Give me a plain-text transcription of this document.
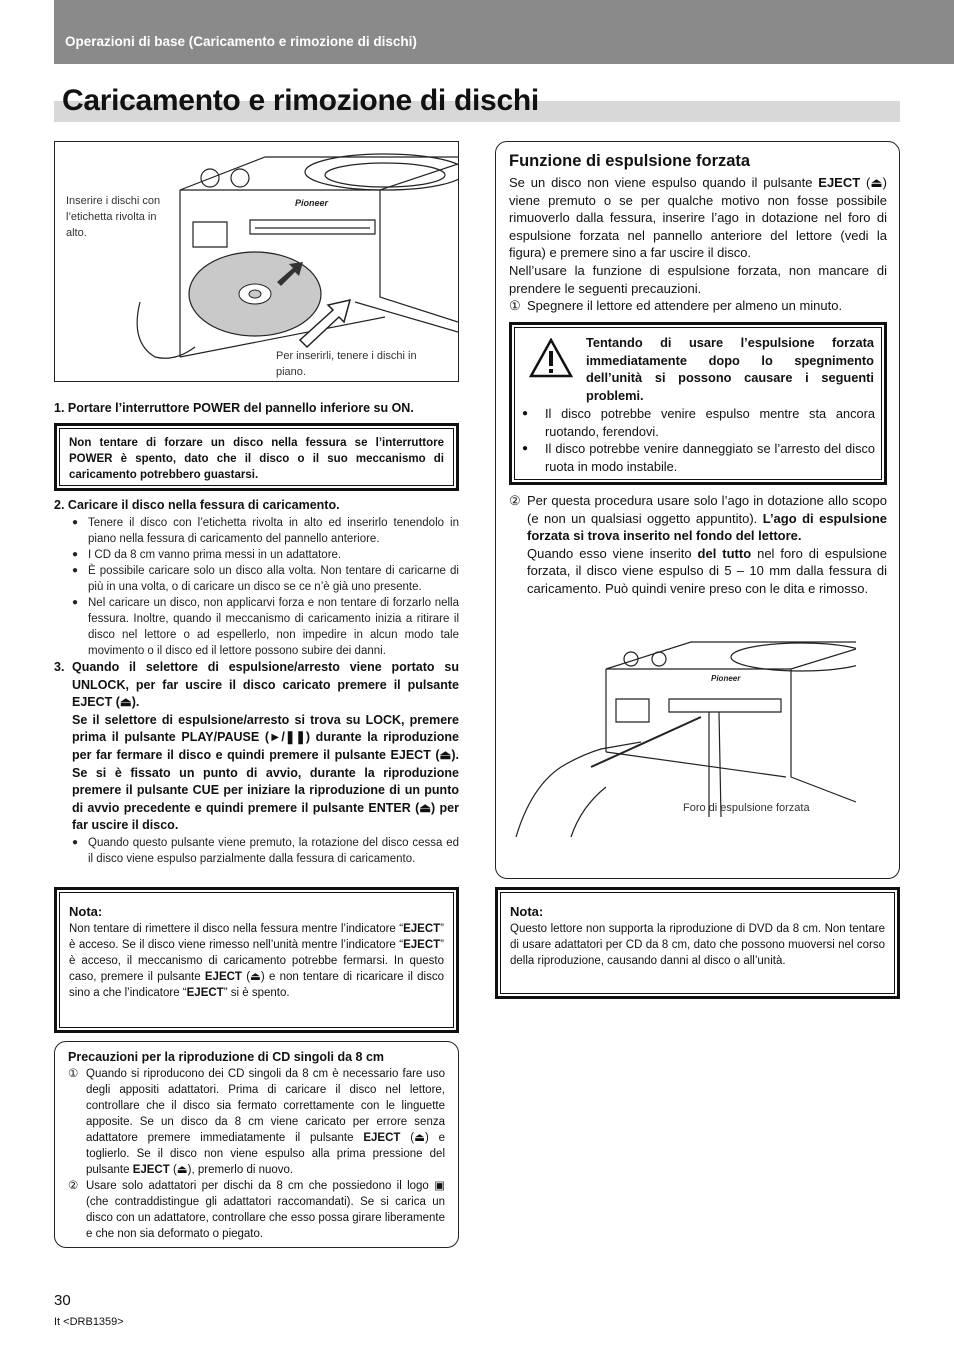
Operazioni di base (Caricamento e rimozione di dischi)
Caricamento e rimozione di dischi
Pioneer
Inserire i dischi con l’etichetta rivolta in alto.
Per inserirli, tenere i dischi in piano.
1. Portare l’interruttore POWER del pannello inferiore su ON.
Non tentare di forzare un disco nella fessura se l’interruttore POWER è spento, dato che il disco o il suo meccanismo di caricamento potrebbero guastarsi.
2. Caricare il disco nella fessura di caricamento.
● Tenere il disco con l’etichetta rivolta in alto ed inserirlo tenendolo in piano nella fessura di caricamento del pannello anteriore.
● I CD da 8 cm vanno prima messi in un adattatore.
● È possibile caricare solo un disco alla volta. Non tentare di caricarne di più in una volta, o di caricare un disco se ce n’è già uno presente.
● Nel caricare un disco, non applicarvi forza e non tentare di forzarlo nella fessura. Inoltre, quando il meccanismo di caricamento inizia a ritirare il disco nel lettore o ad espellerlo, non impedire in alcun modo tale movimento o il disco ed il lettore possono subire dei danni.
3. Quando il selettore di espulsione/arresto viene portato su UNLOCK, per far uscire il disco caricato premere il pulsante EJECT (⏏).
Se il selettore di espulsione/arresto si trova su LOCK, premere prima il pulsante PLAY/PAUSE (►/❚❚) durante la riproduzione per far fermare il disco e quindi premere il pulsante EJECT (⏏). Se si è fissato un punto di avvio, durante la riproduzione premere il pulsante CUE per iniziare la riproduzione di un punto di avvio precedente e quindi premere il pulsante ENTER (⏏) per far uscire il disco.
● Quando questo pulsante viene premuto, la rotazione del disco cessa ed il disco viene espulso parzialmente dalla fessura di caricamento.
Nota:
Non tentare di rimettere il disco nella fessura mentre l’indicatore “EJECT” è acceso. Se il disco viene rimesso nell’unità mentre l’indicatore “EJECT” è acceso, il meccanismo di caricamento potrebbe fermarsi. In questo caso, premere il pulsante EJECT (⏏) e non tentare di ricaricare il disco sino a che l’indicatore “EJECT” si è spento.
Precauzioni per la riproduzione di CD singoli da 8 cm
① Quando si riproducono dei CD singoli da 8 cm è necessario fare uso degli appositi adattatori. Prima di caricare il disco nel lettore, controllare che il disco sia fermato correttamente con le linguette apposite. Se un disco da 8 cm viene caricato per errore senza adattatore premere immediatamente il pulsante EJECT (⏏) e toglierlo. Se il disco non viene espulso alla prima pressione del pulsante EJECT (⏏), premerlo di nuovo.
② Usare solo adattatori per dischi da 8 cm che possiedono il logo ▣ (che contraddistingue gli adattatori raccomandati). Se si carica un disco con un adattatore, controllare che esso possa girare liberamente e che non sia deformato o piegato.
Funzione di espulsione forzata
Se un disco non viene espulso quando il pulsante EJECT (⏏) viene premuto o se per qualche motivo non fosse possibile rimuoverlo dalla fessura, inserire l’ago in dotazione nel foro di espulsione forzata nel pannello anteriore del lettore (vedi la figura) e premere sino a far uscire il disco.
Nell’usare la funzione di espulsione forzata, non mancare di prendere le seguenti precauzioni.
① Spegnere il lettore ed attendere per almeno un minuto.
Tentando di usare l’espulsione forzata immediatamente dopo lo spegnimento dell’unità si possono causare i seguenti problemi.
● Il disco potrebbe venire espulso mentre sta ancora ruotando, ferendovi.
● Il disco potrebbe venire danneggiato se l’arresto del disco ruota in modo instabile.
② Per questa procedura usare solo l’ago in dotazione allo scopo (e non un qualsiasi oggetto appuntito). L’ago di espulsione forzata si trova inserito nel fondo del lettore.
Quando esso viene inserito del tutto nel foro di espulsione forzata, il disco viene espulso di 5 – 10 mm dalla fessura di caricamento. Può quindi venire preso con le dita e rimosso.
Pioneer
Foro di espulsione forzata
Nota:
Questo lettore non supporta la riproduzione di DVD da 8 cm. Non tentare di usare adattatori per CD da 8 cm, dato che possono muoversi nel corso della riproduzione, causando danni al disco o all’unità.
30
It <DRB1359>
